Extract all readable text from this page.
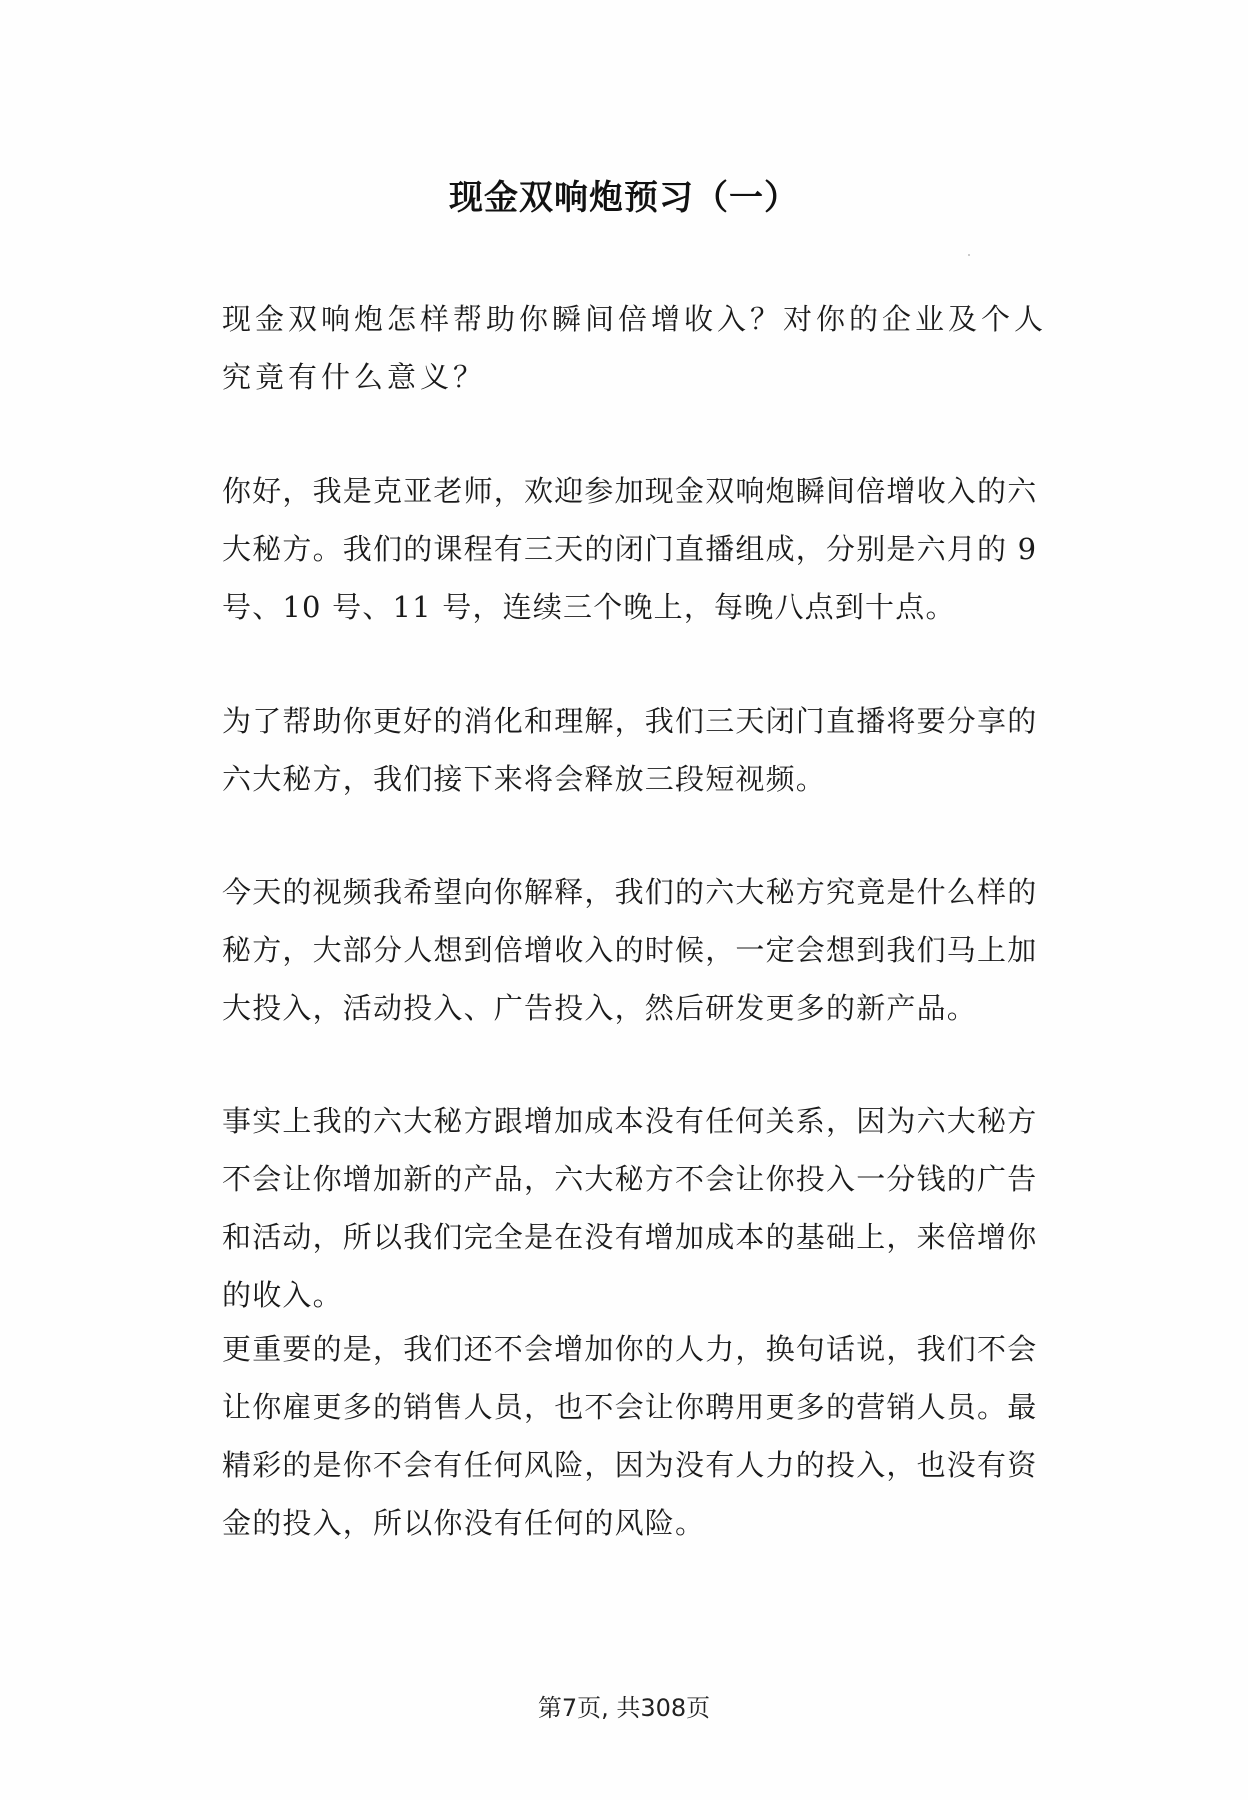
现金双响炮预习（一）

现金双响炮怎样帮助你瞬间倍增收入？对你的企业及个人究竟有什么意义？

你好，我是克亚老师，欢迎参加现金双响炮瞬间倍增收入的六大秘方。我们的课程有三天的闭门直播组成，分别是六月的 9 号、10 号、11 号，连续三个晚上，每晚八点到十点。

为了帮助你更好的消化和理解，我们三天闭门直播将要分享的六大秘方，我们接下来将会释放三段短视频。

今天的视频我希望向你解释，我们的六大秘方究竟是什么样的秘方，大部分人想到倍增收入的时候，一定会想到我们马上加大投入，活动投入、广告投入，然后研发更多的新产品。

事实上我的六大秘方跟增加成本没有任何关系，因为六大秘方不会让你增加新的产品，六大秘方不会让你投入一分钱的广告和活动，所以我们完全是在没有增加成本的基础上，来倍增你的收入。

更重要的是，我们还不会增加你的人力，换句话说，我们不会让你雇更多的销售人员，也不会让你聘用更多的营销人员。最精彩的是你不会有任何风险，因为没有人力的投入，也没有资金的投入，所以你没有任何的风险。

第7页, 共308页
